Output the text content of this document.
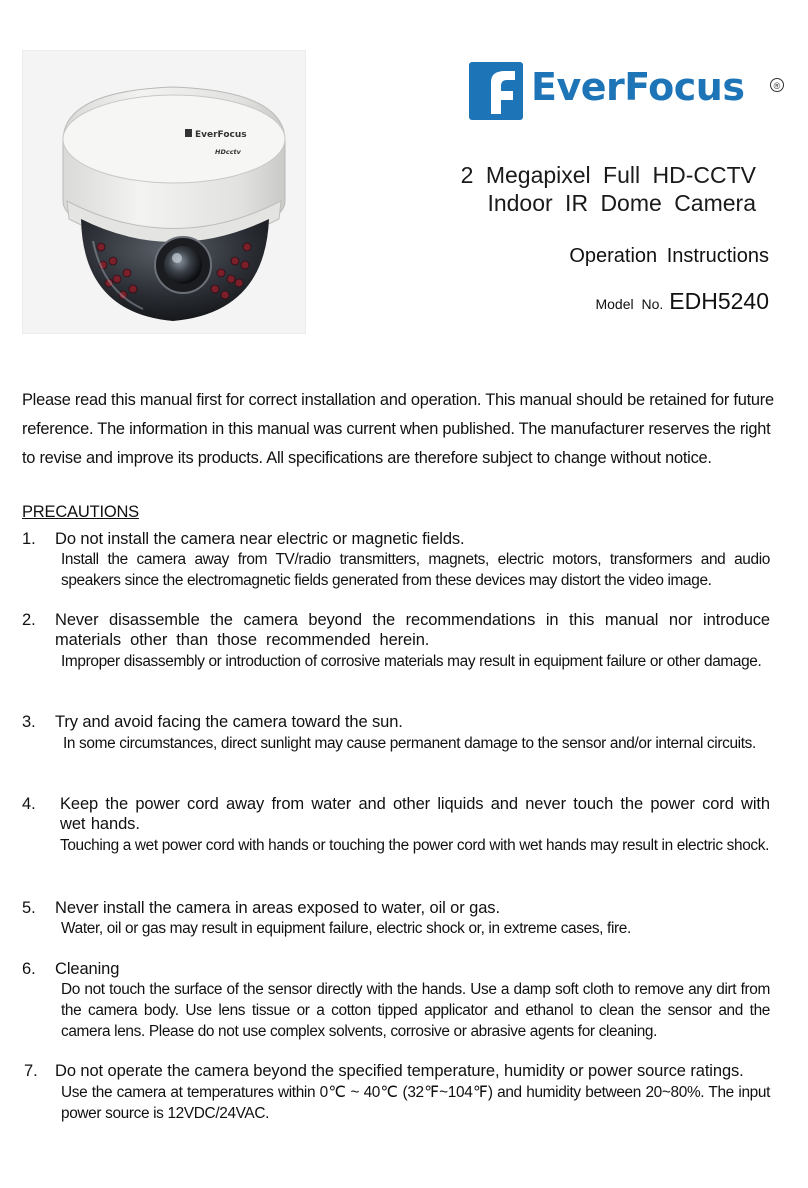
EverFocus
HDcctv
EverFocus	®
2 Megapixel Full HD-CCTV
Indoor IR Dome Camera
Operation Instructions
Model No. EDH5240
Please read this manual first for correct installation and operation. This manual should be retained for future
reference. The information in this manual was current when published. The manufacturer reserves the right
to revise and improve its products. All specifications are therefore subject to change without notice.
PRECAUTIONS
1. Do not install the camera near electric or magnetic fields.
Install the camera away from TV/radio transmitters, magnets, electric motors, transformers and audio speakers since the electromagnetic fields generated from these devices may distort the video image.
2. Never disassemble the camera beyond the recommendations in this manual nor introduce materials other than those recommended herein.
Improper disassembly or introduction of corrosive materials may result in equipment failure or other damage.
3. Try and avoid facing the camera toward the sun.
In some circumstances, direct sunlight may cause permanent damage to the sensor and/or internal circuits.
4. Keep the power cord away from water and other liquids and never touch the power cord with wet hands.
Touching a wet power cord with hands or touching the power cord with wet hands may result in electric shock.
5. Never install the camera in areas exposed to water, oil or gas.
Water, oil or gas may result in equipment failure, electric shock or, in extreme cases, fire.
6. Cleaning
Do not touch the surface of the sensor directly with the hands. Use a damp soft cloth to remove any dirt from the camera body. Use lens tissue or a cotton tipped applicator and ethanol to clean the sensor and the camera lens. Please do not use complex solvents, corrosive or abrasive agents for cleaning.
7. Do not operate the camera beyond the specified temperature, humidity or power source ratings.
Use the camera at temperatures within 0℃ ~ 40℃ (32℉~104℉) and humidity between 20~80%. The input power source is 12VDC/24VAC.
